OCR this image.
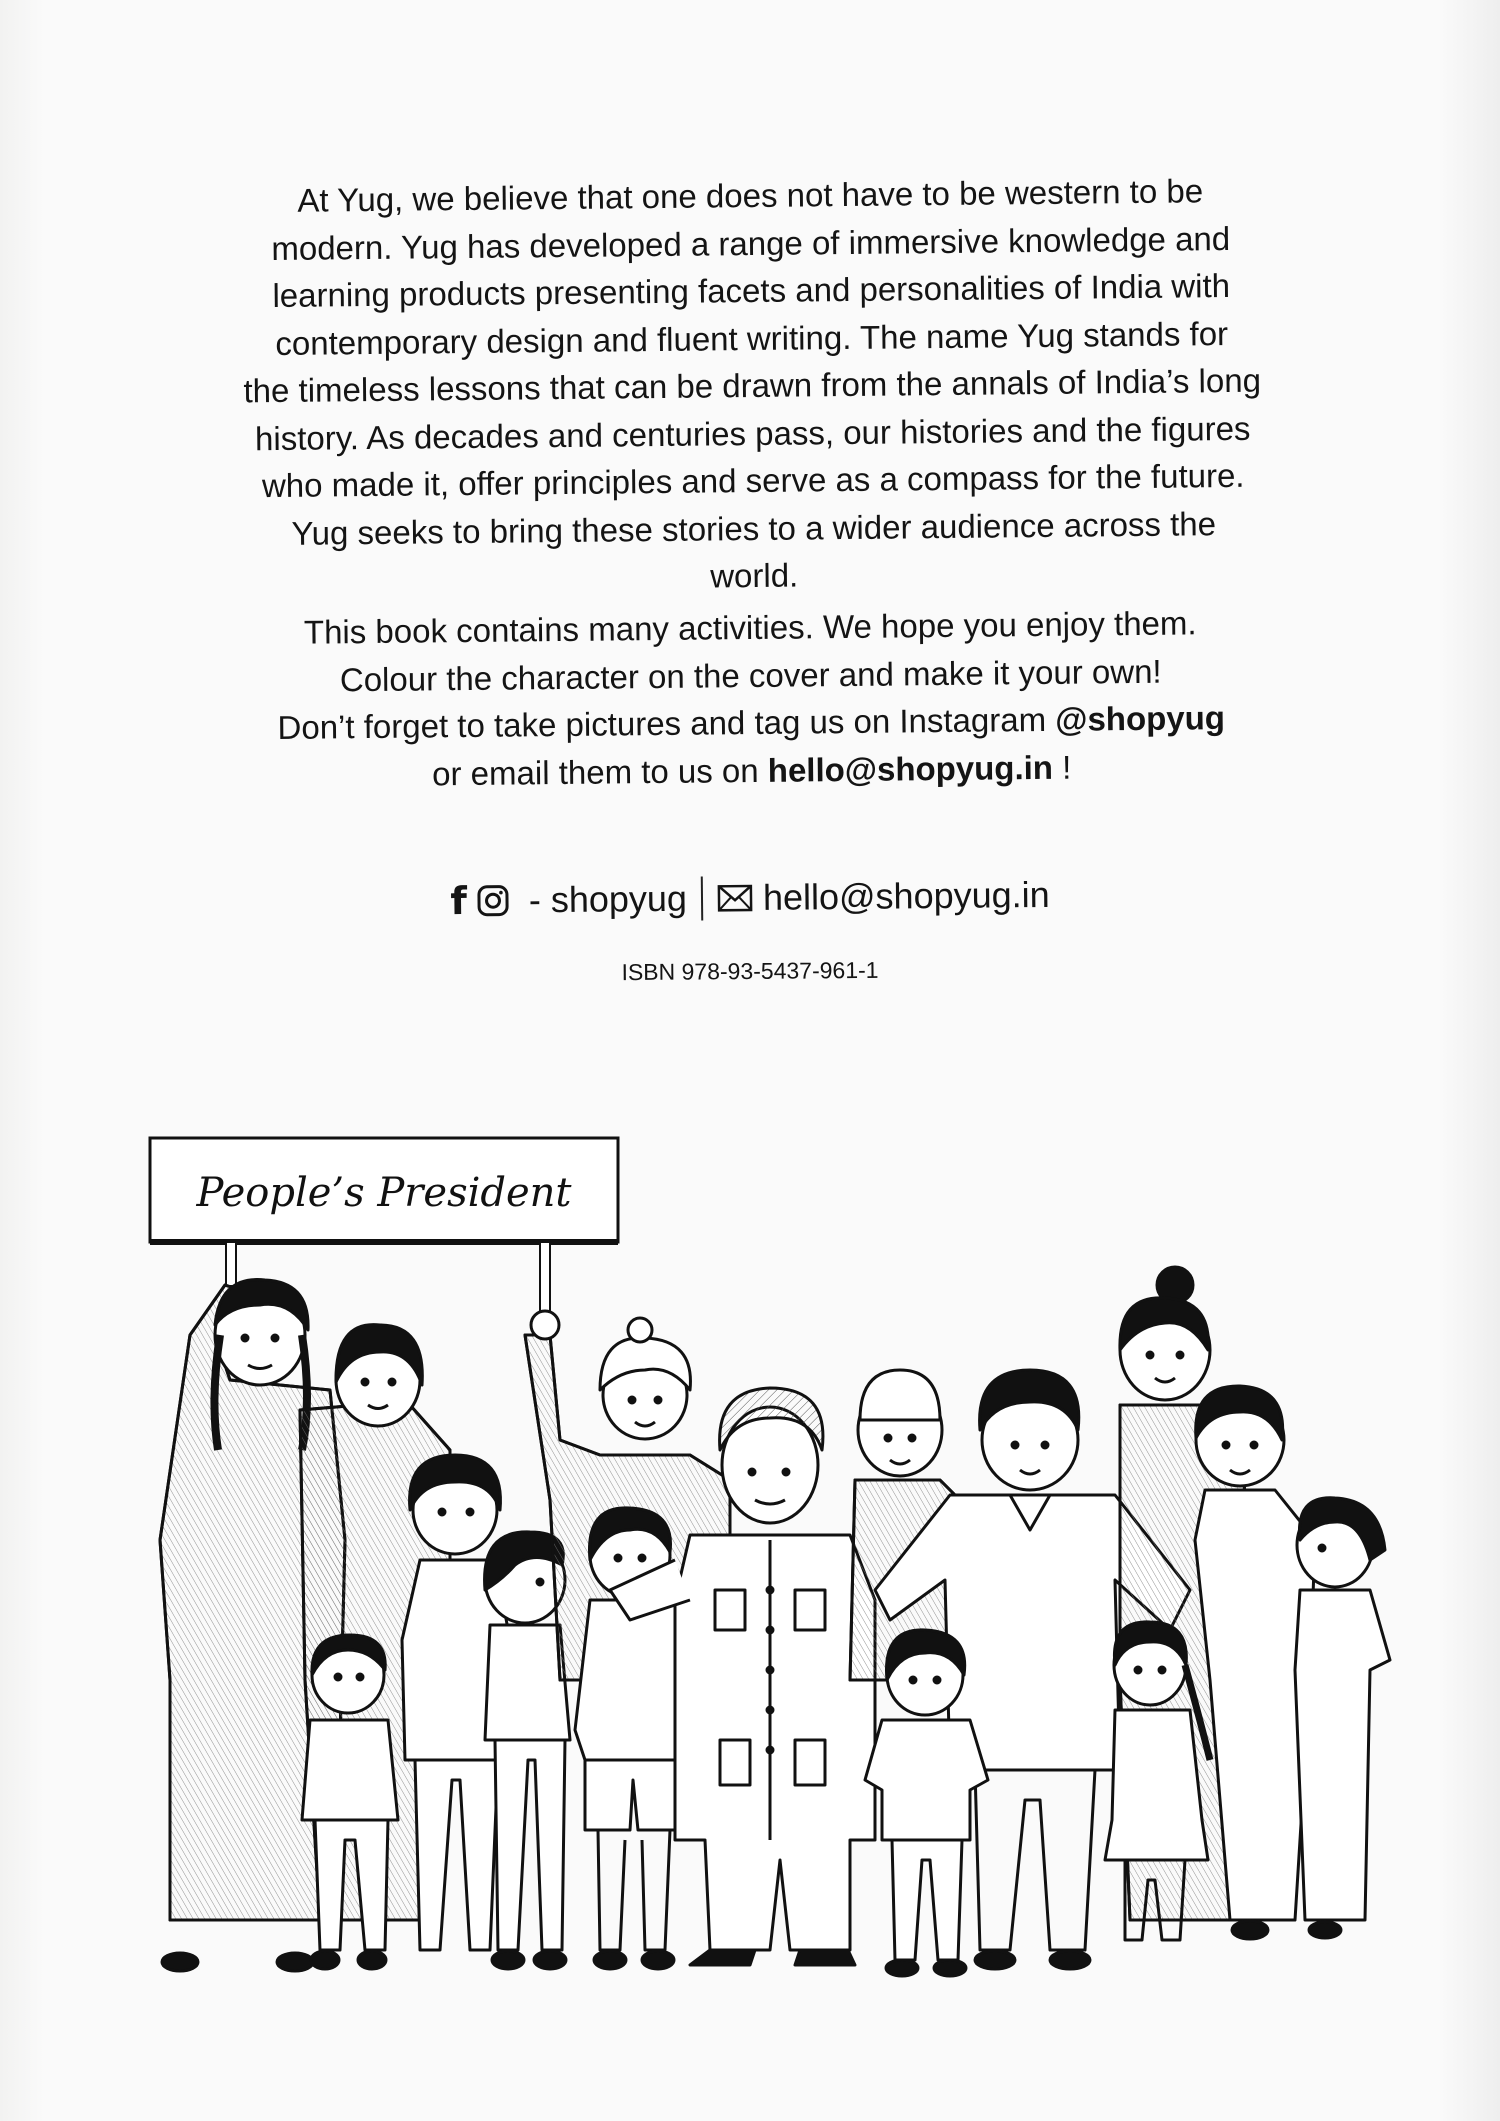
At Yug, we believe that one does not have to be western to be

modern. Yug has developed a range of immersive knowledge and

learning products presenting facets and personalities of India with

contemporary design and fluent writing. The name Yug stands for

the timeless lessons that can be drawn from the annals of India’s long

history. As decades and centuries pass, our histories and the figures

who made it, offer principles and serve as a compass for the future.

Yug seeks to bring these stories to a wider audience across the world.

This book contains many activities. We hope you enjoy them.

Colour the character on the cover and make it your own!

Don’t forget to take pictures and tag us on Instagram @shopyug

or email them to us on hello@shopyug.in !

f - shopyug hello@shopyug.in
ISBN 978-93-5437-961-1
People’s President
